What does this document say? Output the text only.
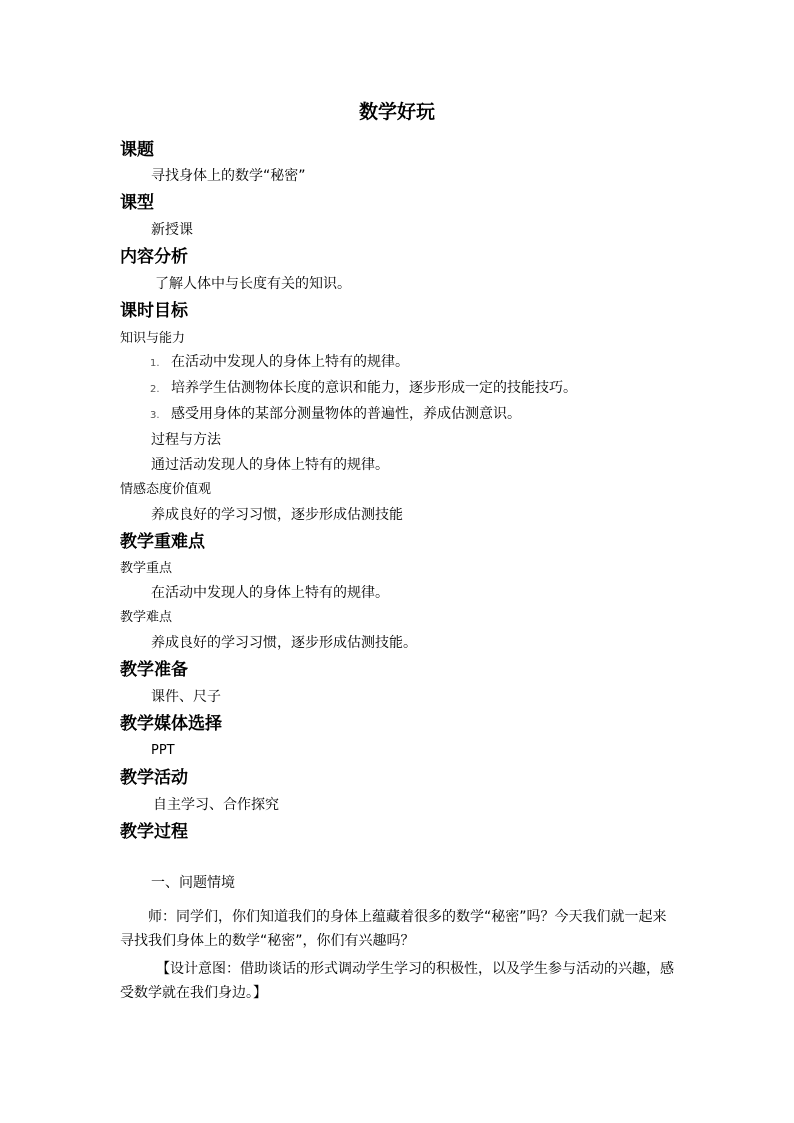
数学好玩
课题
寻找身体上的数学“秘密”
课型
新授课
内容分析
了解人体中与长度有关的知识。
课时目标
知识与能力
1. 在活动中发现人的身体上特有的规律。
2. 培养学生估测物体长度的意识和能力，逐步形成一定的技能技巧。
3. 感受用身体的某部分测量物体的普遍性，养成估测意识。
过程与方法
通过活动发现人的身体上特有的规律。
情感态度价值观
养成良好的学习习惯，逐步形成估测技能
教学重难点
教学重点
在活动中发现人的身体上特有的规律。
教学难点
养成良好的学习习惯，逐步形成估测技能。
教学准备
课件、尺子
教学媒体选择
PPT
教学活动
自主学习、合作探究
教学过程
一、问题情境
师：同学们，你们知道我们的身体上蕴藏着很多的数学“秘密”吗？今天我们就一起来寻找我们身体上的数学“秘密”，你们有兴趣吗？
【设计意图：借助谈话的形式调动学生学习的积极性，以及学生参与活动的兴趣，感受数学就在我们身边。】
